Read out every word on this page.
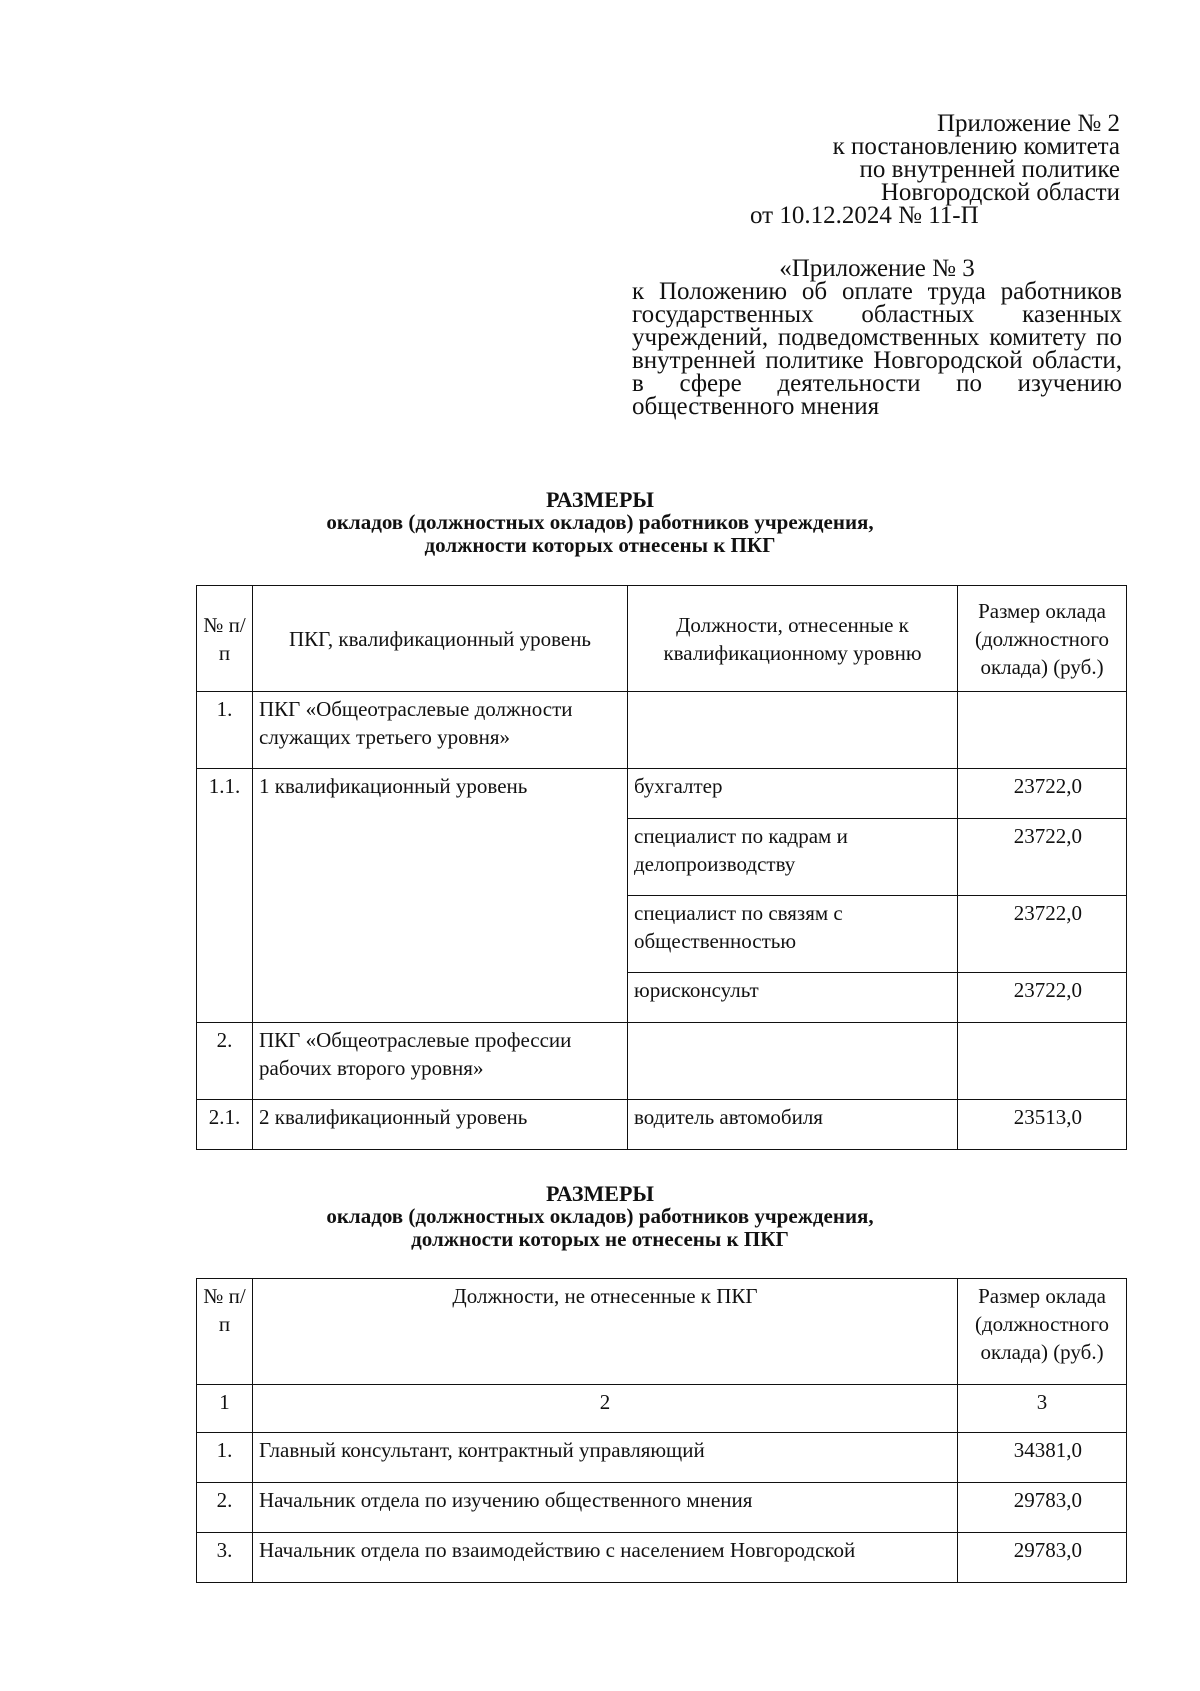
Приложение № 2
к постановлению комитета
по внутренней политике
Новгородской области
от 10.12.2024 № 11-П
«Приложение № 3
к Положению об оплате труда работников государственных областных казенных учреждений, подведомственных комитету по внутренней политике Новгородской области, в сфере деятельности по изучению общественного мнения
РАЗМЕРЫ
окладов (должностных окладов) работников учреждения,
должности которых отнесены к ПКГ
№ п/п	ПКГ, квалификационный уровень	Должности, отнесенные к квалификационному уровню	Размер оклада (должностного оклада) (руб.)
1.	ПКГ «Общеотраслевые должности служащих третьего уровня»		
1.1.	1 квалификационный уровень	бухгалтер	23722,0
		специалист по кадрам и делопроизводству	23722,0
		специалист по связям с общественностью	23722,0
		юрисконсульт	23722,0
2.	ПКГ «Общеотраслевые профессии рабочих второго уровня»		
2.1.	2 квалификационный уровень	водитель автомобиля	23513,0
РАЗМЕРЫ
окладов (должностных окладов) работников учреждения,
должности которых не отнесены к ПКГ
№ п/п	Должности, не отнесенные к ПКГ	Размер оклада (должностного оклада) (руб.)
1	2	3
1.	Главный консультант, контрактный управляющий	34381,0
2.	Начальник отдела по изучению общественного мнения	29783,0
3.	Начальник отдела по взаимодействию с населением Новгородской	29783,0
